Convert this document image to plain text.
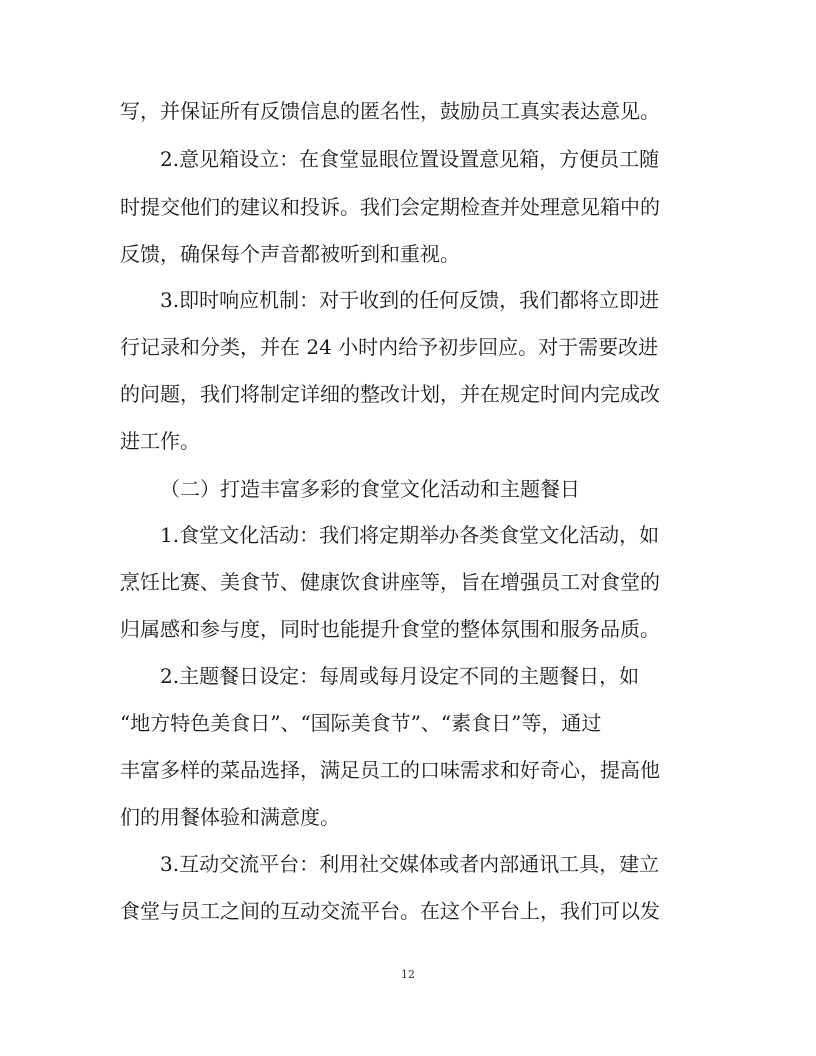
写，并保证所有反馈信息的匿名性，鼓励员工真实表达意见。
2.意见箱设立：在食堂显眼位置设置意见箱，方便员工随
时提交他们的建议和投诉。我们会定期检查并处理意见箱中的
反馈，确保每个声音都被听到和重视。
3.即时响应机制：对于收到的任何反馈，我们都将立即进
行记录和分类，并在 24 小时内给予初步回应。对于需要改进
的问题，我们将制定详细的整改计划，并在规定时间内完成改
进工作。
（二）打造丰富多彩的食堂文化活动和主题餐日
1.食堂文化活动：我们将定期举办各类食堂文化活动，如
烹饪比赛、美食节、健康饮食讲座等，旨在增强员工对食堂的
归属感和参与度，同时也能提升食堂的整体氛围和服务品质。
2.主题餐日设定：每周或每月设定不同的主题餐日，如
“地方特色美食日”、“国际美食节”、“素食日”等，通过
丰富多样的菜品选择，满足员工的口味需求和好奇心，提高他
们的用餐体验和满意度。
3.互动交流平台：利用社交媒体或者内部通讯工具，建立
食堂与员工之间的互动交流平台。在这个平台上，我们可以发
12
